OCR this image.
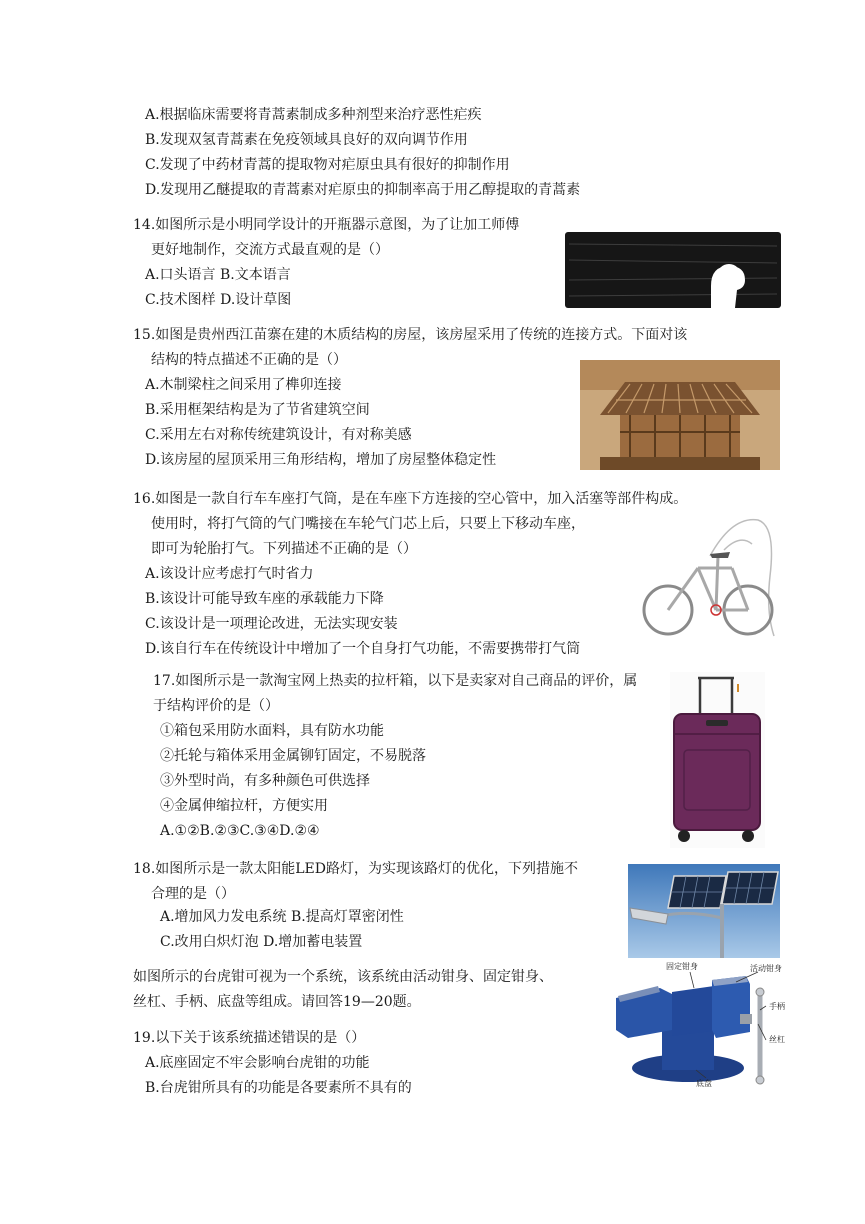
A.根据临床需要将青蒿素制成多种剂型来治疗恶性疟疾
B.发现双氢青蒿素在免疫领域具良好的双向调节作用
C.发现了中药材青蒿的提取物对疟原虫具有很好的抑制作用
D.发现用乙醚提取的青蒿素对疟原虫的抑制率高于用乙醇提取的青蒿素
14.如图所示是小明同学设计的开瓶器示意图，为了让加工师傅
更好地制作，交流方式最直观的是（）
A.口头语言 B.文本语言
C.技术图样 D.设计草图
15.如图是贵州西江苗寨在建的木质结构的房屋，该房屋采用了传统的连接方式。下面对该
结构的特点描述不正确的是（）
A.木制梁柱之间采用了榫卯连接
B.采用框架结构是为了节省建筑空间
C.采用左右对称传统建筑设计，有对称美感
D.该房屋的屋顶采用三角形结构，增加了房屋整体稳定性
16.如图是一款自行车车座打气筒，是在车座下方连接的空心管中，加入活塞等部件构成。
使用时，将打气筒的气门嘴接在车轮气门芯上后，只要上下移动车座，
即可为轮胎打气。下列描述不正确的是（）
A.该设计应考虑打气时省力
B.该设计可能导致车座的承载能力下降
C.该设计是一项理论改进，无法实现安装
D.该自行车在传统设计中增加了一个自身打气功能，不需要携带打气筒
17.如图所示是一款淘宝网上热卖的拉杆箱，以下是卖家对自己商品的评价，属
于结构评价的是（）
①箱包采用防水面料，具有防水功能
②托轮与箱体采用金属铆钉固定，不易脱落
③外型时尚，有多种颜色可供选择
④金属伸缩拉杆，方便实用
A.①②B.②③C.③④D.②④
18.如图所示是一款太阳能LED路灯，为实现该路灯的优化，下列措施不
合理的是（）
A.增加风力发电系统 B.提高灯罩密闭性
C.改用白炽灯泡 D.增加蓄电装置
如图所示的台虎钳可视为一个系统，该系统由活动钳身、固定钳身、
丝杠、手柄、底盘等组成。请回答19—20题。
19.以下关于该系统描述错误的是（）
A.底座固定不牢会影响台虎钳的功能
B.台虎钳所具有的功能是各要素所不具有的
固定钳身	活动钳身
手柄
丝杠
底盘
